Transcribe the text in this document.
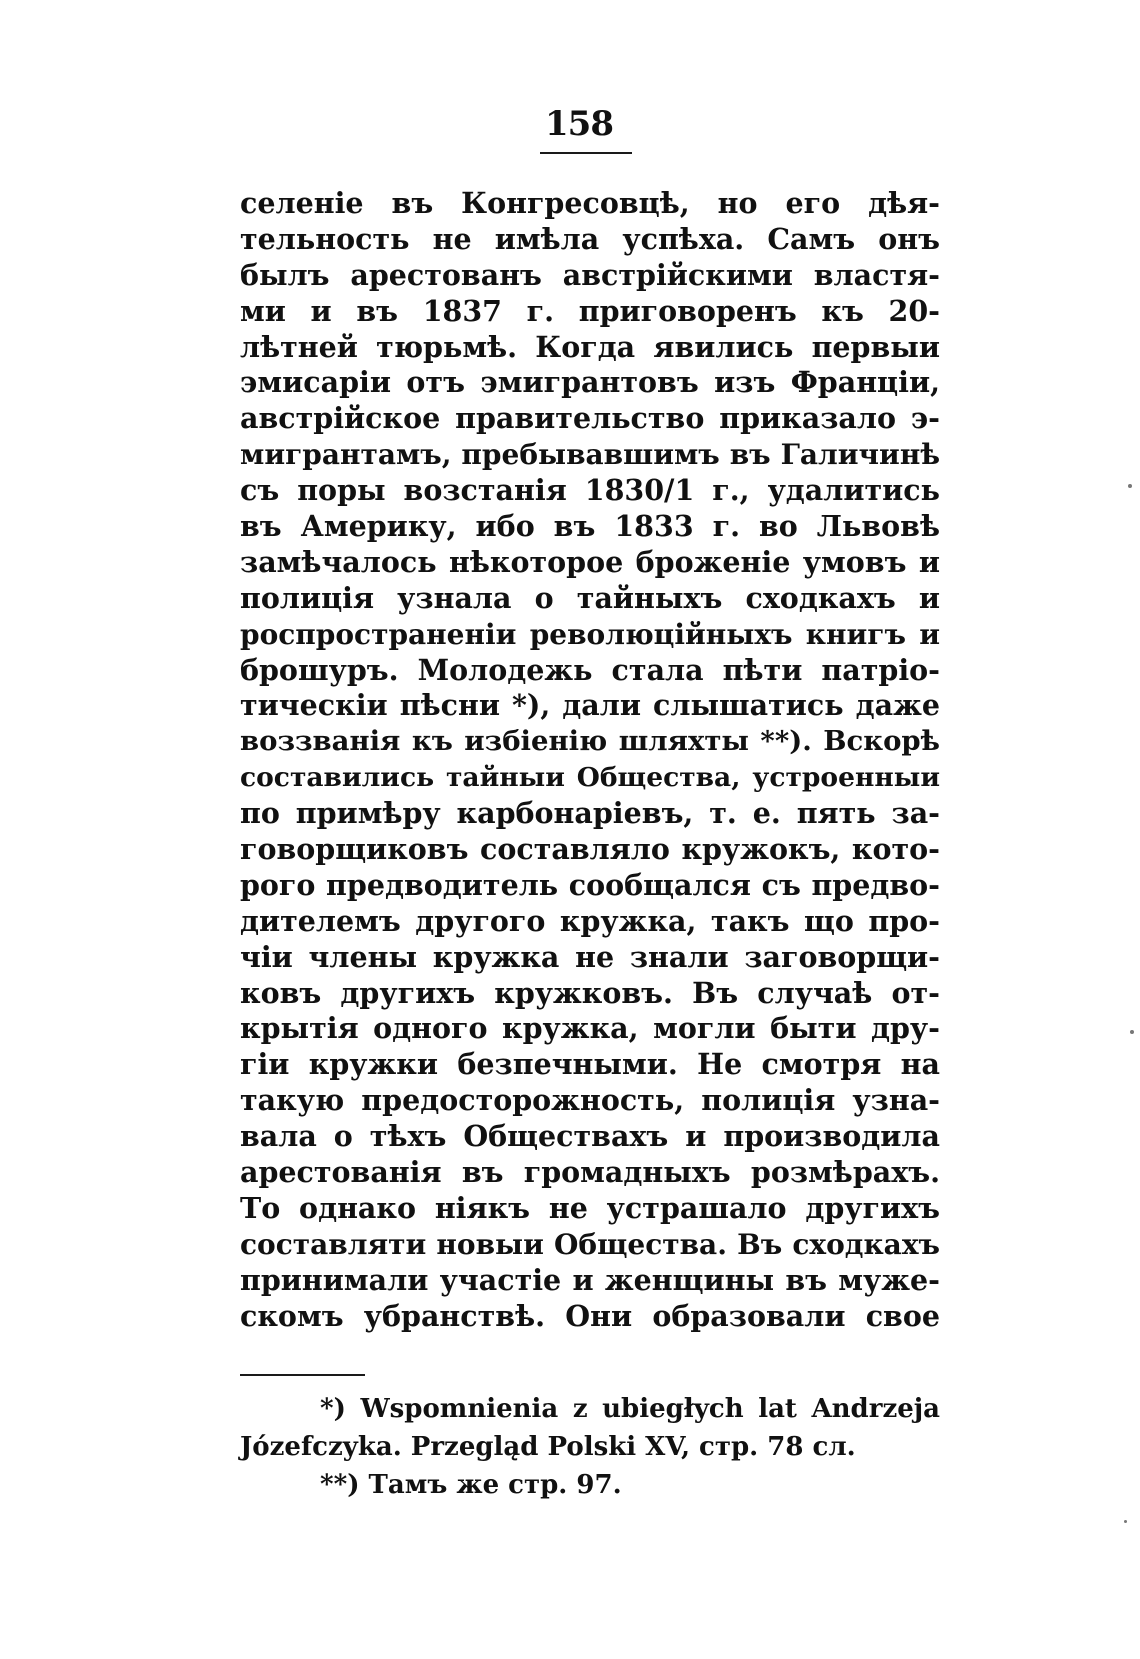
158
селеніе въ Конгресовцѣ, но его дѣя-
тельность не имѣла успѣха. Самъ онъ
былъ арестованъ австрійскими властя-
ми и въ 1837 г. приговоренъ къ 20-
лѣтней тюрьмѣ. Когда явились первыи
эмисаріи отъ эмигрантовъ изъ Франціи,
австрійское правительство приказало э-
мигрантамъ, пребывавшимъ въ Галичинѣ
съ поры возстанія 1830/1 г., удалитись
въ Америку, ибо въ 1833 г. во Львовѣ
замѣчалось нѣкоторое броженіе умовъ и
полиція узнала о тайныхъ сходкахъ и
роспространеніи революційныхъ книгъ и
брошуръ. Молодежь стала пѣти патріо-
тическіи пѣсни *), дали слышатись даже
воззванія къ избіенію шляхты **). Вскорѣ
составились тайныи Общества, устроенныи
по примѣру карбонаріевъ, т. е. пять за-
говорщиковъ составляло кружокъ, кото-
рого предводитель сообщался съ предво-
дителемъ другого кружка, такъ що про-
чіи члены кружка не знали заговорщи-
ковъ другихъ кружковъ. Въ случаѣ от-
крытія одного кружка, могли быти дру-
гіи кружки безпечными. Не смотря на
такую предосторожность, полиція узна-
вала о тѣхъ Обществахъ и производила
арестованія въ громадныхъ розмѣрахъ.
То однако ніякъ не устрашало другихъ
составляти новыи Общества. Въ сходкахъ
принимали участіе и женщины въ муже-
скомъ убранствѣ. Они образовали свое
*) Wspomnienia z ubiegłych lat Andrzeja
Józefczyka. Przegląd Polski XV, стр. 78 сл.
**) Тамъ же стр. 97.
